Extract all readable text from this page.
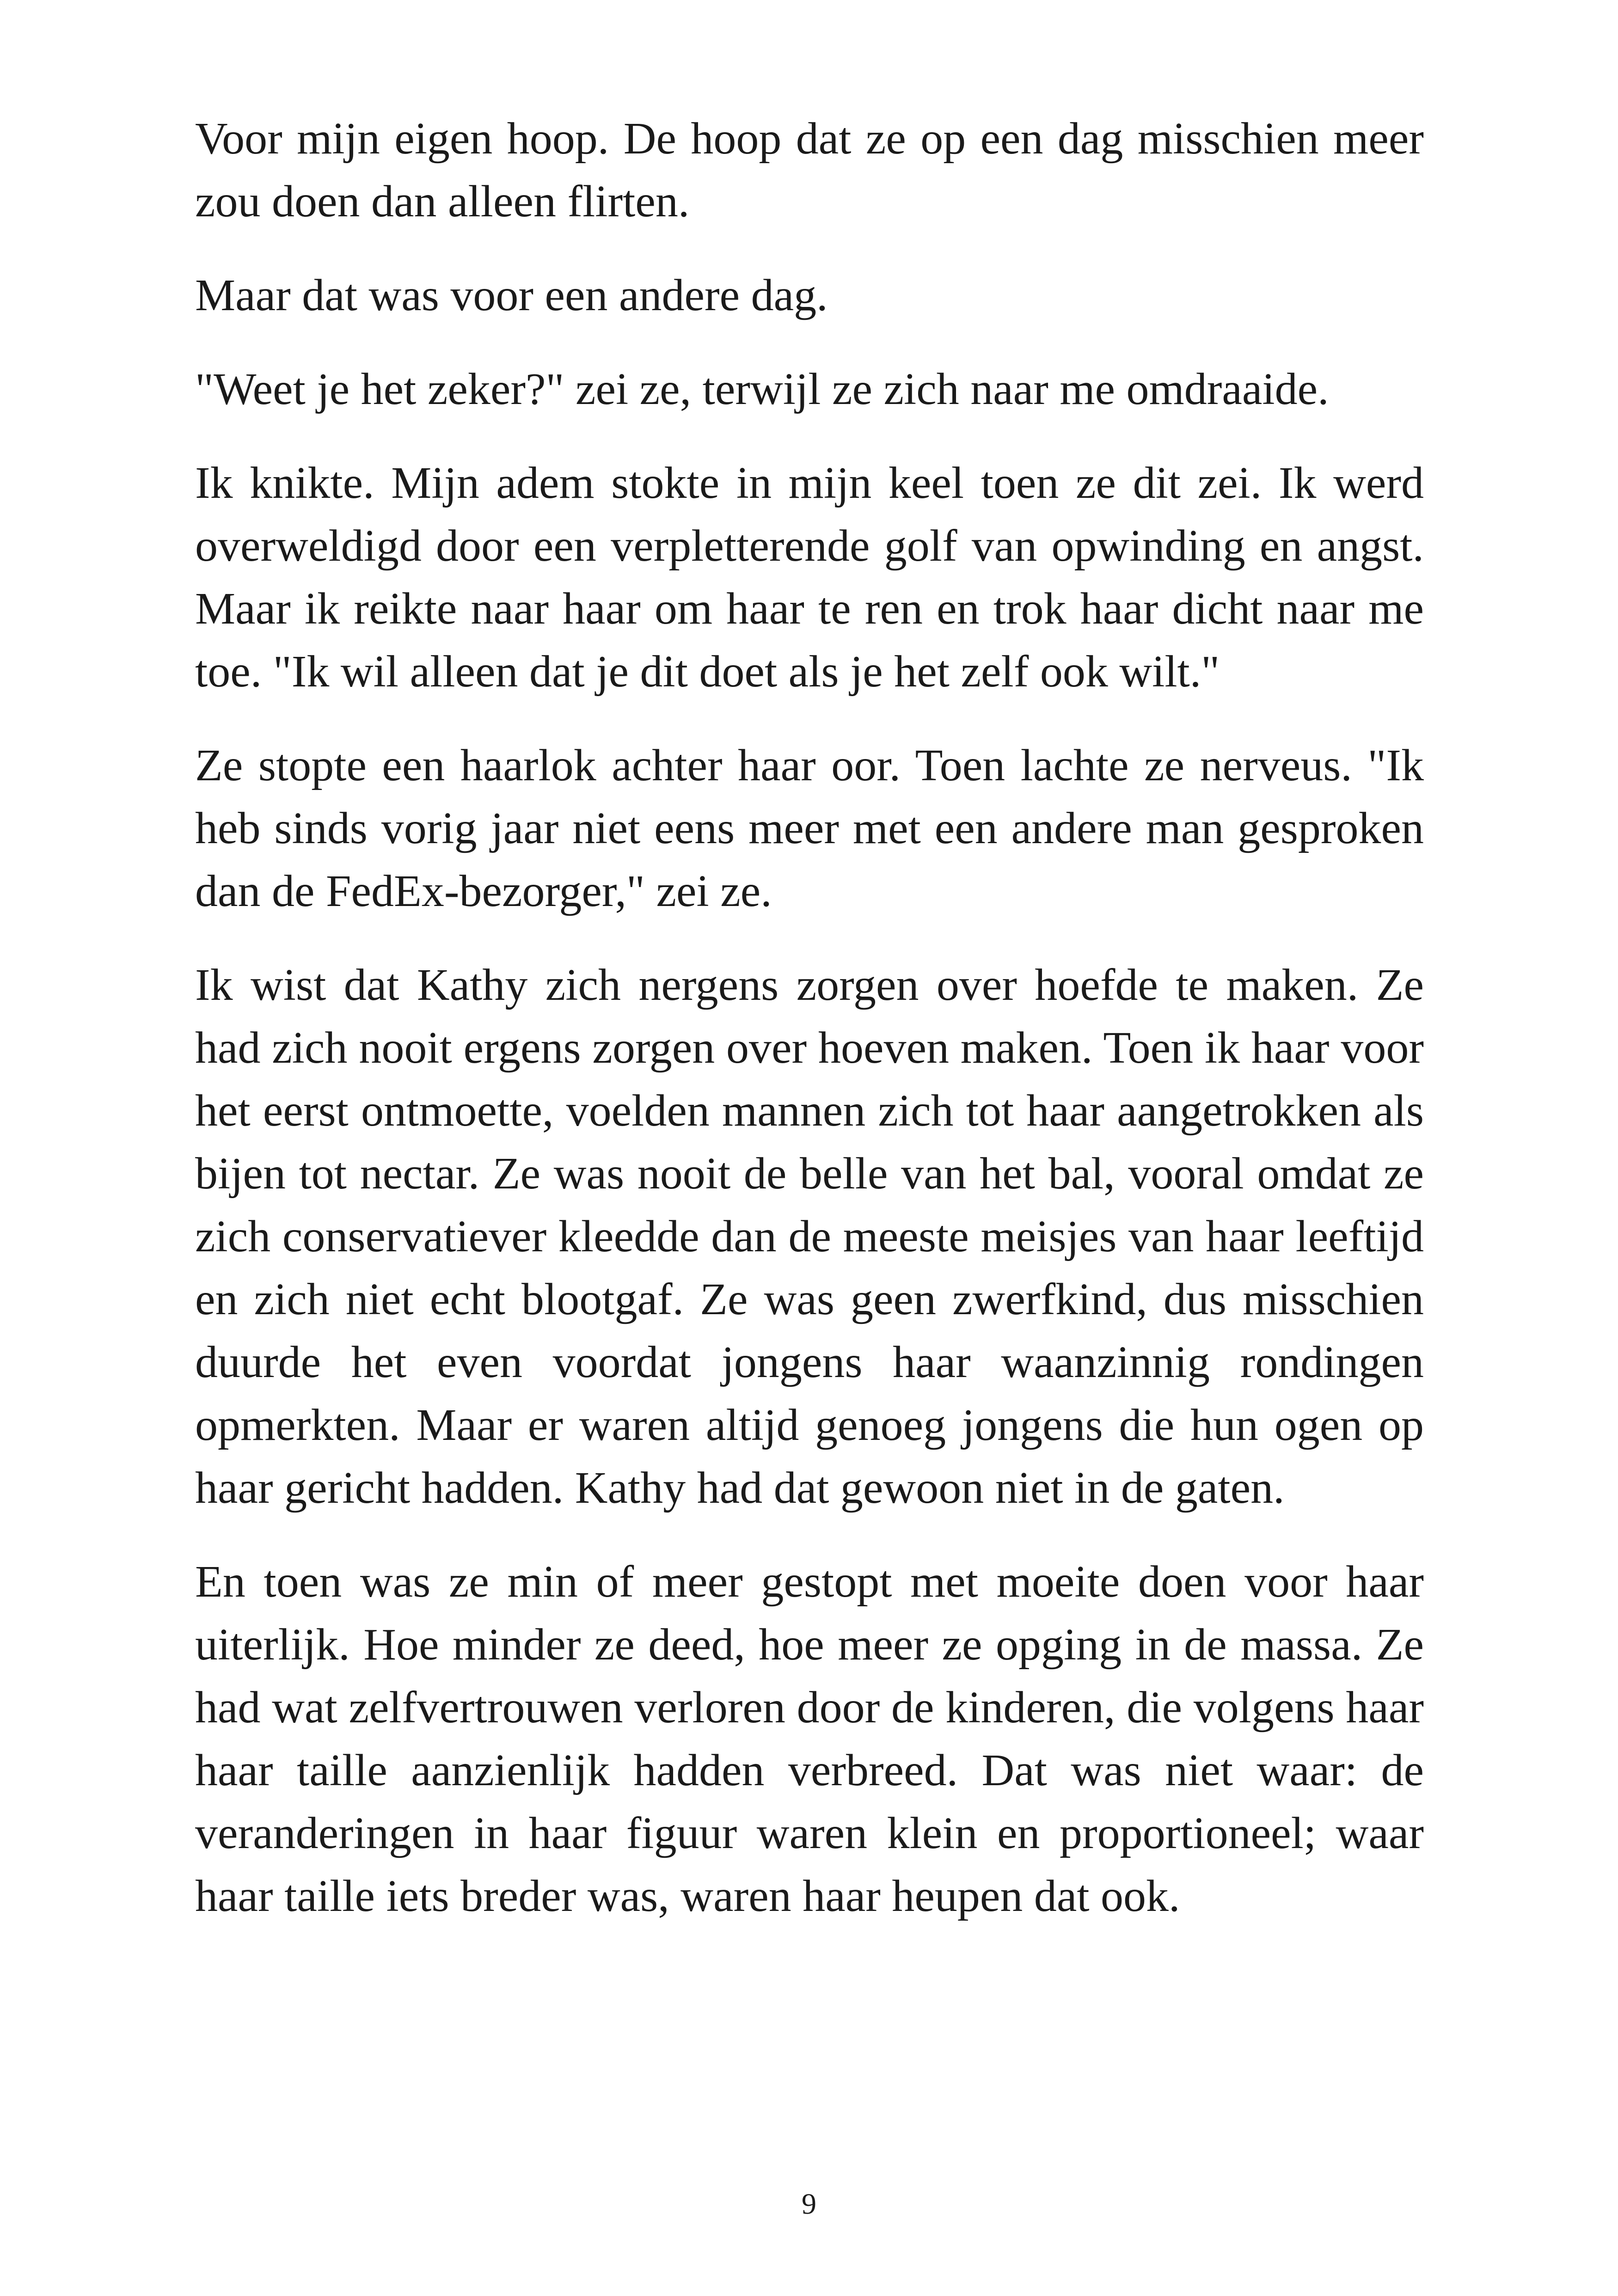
Voor mijn eigen hoop. De hoop dat ze op een dag misschien meer zou doen dan alleen flirten.

Maar dat was voor een andere dag.

"Weet je het zeker?" zei ze, terwijl ze zich naar me omdraaide.

Ik knikte. Mijn adem stokte in mijn keel toen ze dit zei. Ik werd overweldigd door een verpletterende golf van opwinding en angst. Maar ik reikte naar haar om haar te ren en trok haar dicht naar me toe. "Ik wil alleen dat je dit doet als je het zelf ook wilt."

Ze stopte een haarlok achter haar oor. Toen lachte ze nerveus. "Ik heb sinds vorig jaar niet eens meer met een andere man gesproken dan de FedEx-bezorger," zei ze.

Ik wist dat Kathy zich nergens zorgen over hoefde te maken. Ze had zich nooit ergens zorgen over hoeven maken. Toen ik haar voor het eerst ontmoette, voelden mannen zich tot haar aangetrokken als bijen tot nectar. Ze was nooit de belle van het bal, vooral omdat ze zich conservatiever kleedde dan de meeste meisjes van haar leeftijd en zich niet echt blootgaf. Ze was geen zwerfkind, dus misschien duurde het even voordat jongens haar waanzinnig rondingen opmerkten. Maar er waren altijd genoeg jongens die hun ogen op haar gericht hadden. Kathy had dat gewoon niet in de gaten.

En toen was ze min of meer gestopt met moeite doen voor haar uiterlijk. Hoe minder ze deed, hoe meer ze opging in de massa. Ze had wat zelfvertrouwen verloren door de kinderen, die volgens haar haar taille aanzienlijk hadden verbreed. Dat was niet waar: de veranderingen in haar figuur waren klein en proportioneel; waar haar taille iets breder was, waren haar heupen dat ook.

9
